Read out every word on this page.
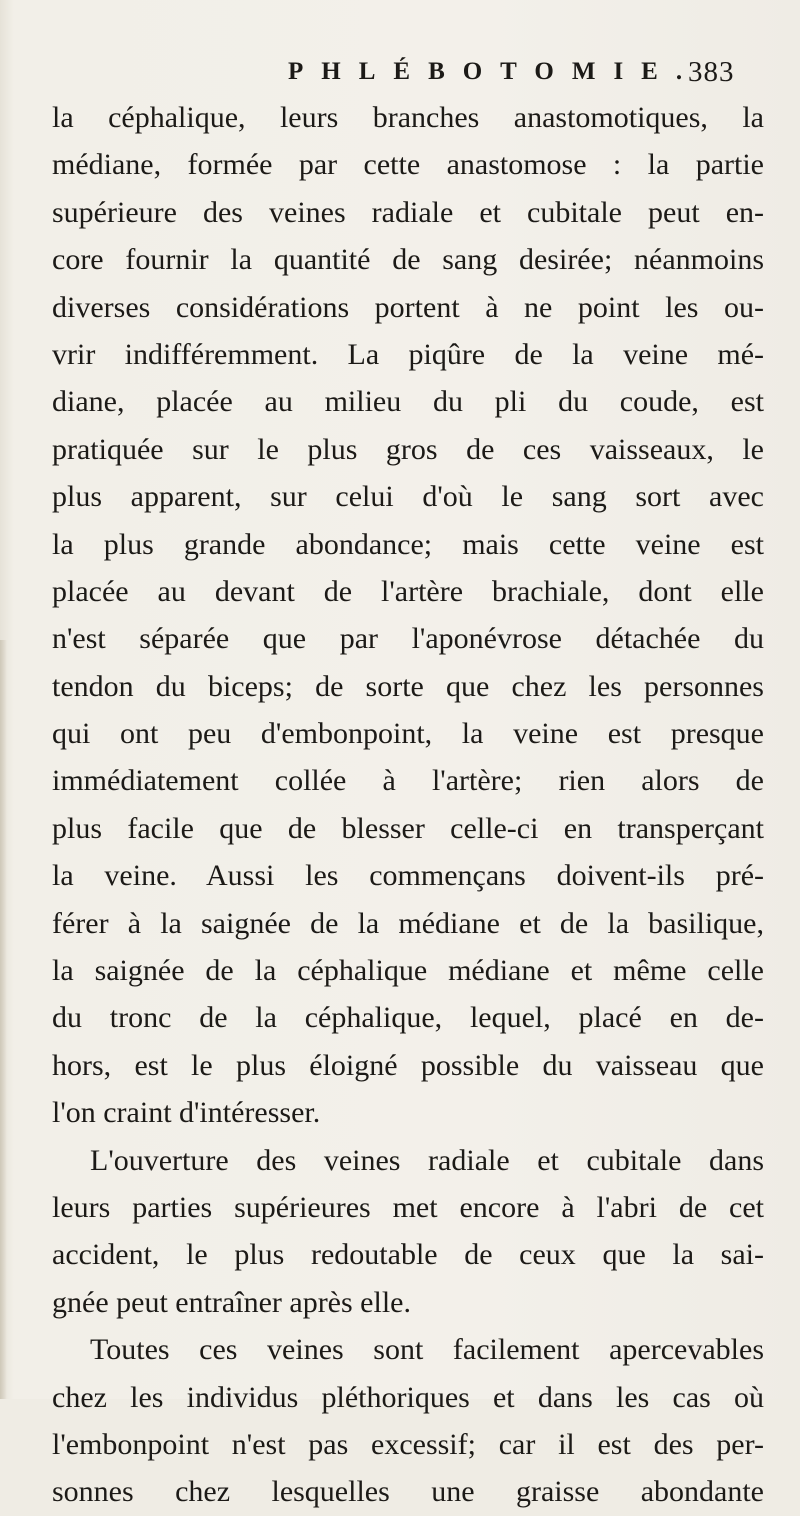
PHLÉBOTOMIE.
383
la céphalique, leurs branches anastomotiques, la
médiane, formée par cette anastomose : la partie
supérieure des veines radiale et cubitale peut en-
core fournir la quantité de sang desirée; néanmoins
diverses considérations portent à ne point les ou-
vrir indifféremment. La piqûre de la veine mé-
diane, placée au milieu du pli du coude, est
pratiquée sur le plus gros de ces vaisseaux, le
plus apparent, sur celui d'où le sang sort avec
la plus grande abondance; mais cette veine est
placée au devant de l'artère brachiale, dont elle
n'est séparée que par l'aponévrose détachée du
tendon du biceps; de sorte que chez les personnes
qui ont peu d'embonpoint, la veine est presque
immédiatement collée à l'artère; rien alors de
plus facile que de blesser celle-ci en transperçant
la veine. Aussi les commençans doivent-ils pré-
férer à la saignée de la médiane et de la basilique,
la saignée de la céphalique médiane et même celle
du tronc de la céphalique, lequel, placé en de-
hors, est le plus éloigné possible du vaisseau que
l'on craint d'intéresser.
L'ouverture des veines radiale et cubitale dans
leurs parties supérieures met encore à l'abri de cet
accident, le plus redoutable de ceux que la sai-
gnée peut entraîner après elle.
Toutes ces veines sont facilement apercevables
chez les individus pléthoriques et dans les cas où
l'embonpoint n'est pas excessif; car il est des per-
sonnes chez lesquelles une graisse abondante
